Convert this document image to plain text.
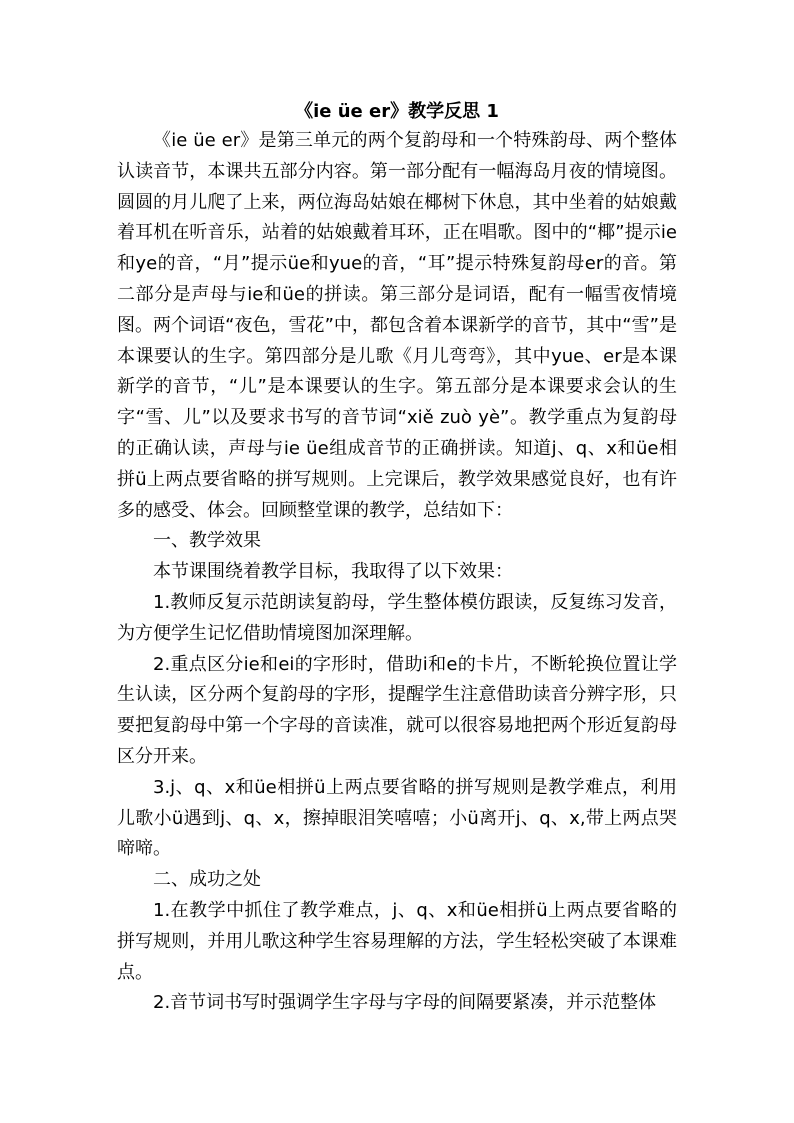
《ie üe er》教学反思 1

《ie üe er》是第三单元的两个复韵母和一个特殊韵母、两个整体认读音节，本课共五部分内容。第一部分配有一幅海岛月夜的情境图。圆圆的月儿爬了上来，两位海岛姑娘在椰树下休息，其中坐着的姑娘戴着耳机在听音乐，站着的姑娘戴着耳环，正在唱歌。图中的“椰”提示ie和ye的音，“月”提示üe和yue的音，“耳”提示特殊复韵母er的音。第二部分是声母与ie和üe的拼读。第三部分是词语，配有一幅雪夜情境图。两个词语“夜色，雪花”中，都包含着本课新学的音节，其中“雪”是本课要认的生字。第四部分是儿歌《月儿弯弯》，其中yue、er是本课新学的音节，“儿”是本课要认的生字。第五部分是本课要求会认的生字“雪、儿”以及要求书写的音节词“xiě zuò yè”。教学重点为复韵母的正确认读，声母与ie üe组成音节的正确拼读。知道j、q、x和üe相拼ü上两点要省略的拼写规则。上完课后，教学效果感觉良好，也有许多的感受、体会。回顾整堂课的教学，总结如下：

一、教学效果

本节课围绕着教学目标，我取得了以下效果：

1.教师反复示范朗读复韵母，学生整体模仿跟读，反复练习发音，为方便学生记忆借助情境图加深理解。

2.重点区分ie和ei的字形时，借助i和e的卡片，不断轮换位置让学生认读，区分两个复韵母的字形，提醒学生注意借助读音分辨字形，只要把复韵母中第一个字母的音读准，就可以很容易地把两个形近复韵母区分开来。

3.j、q、x和üe相拼ü上两点要省略的拼写规则是教学难点，利用儿歌小ü遇到j、q、x，擦掉眼泪笑嘻嘻；小ü离开j、q、x,带上两点哭啼啼。

二、成功之处

1.在教学中抓住了教学难点，j、q、x和üe相拼ü上两点要省略的拼写规则，并用儿歌这种学生容易理解的方法，学生轻松突破了本课难点。

2.音节词书写时强调学生字母与字母的间隔要紧凑，并示范整体
